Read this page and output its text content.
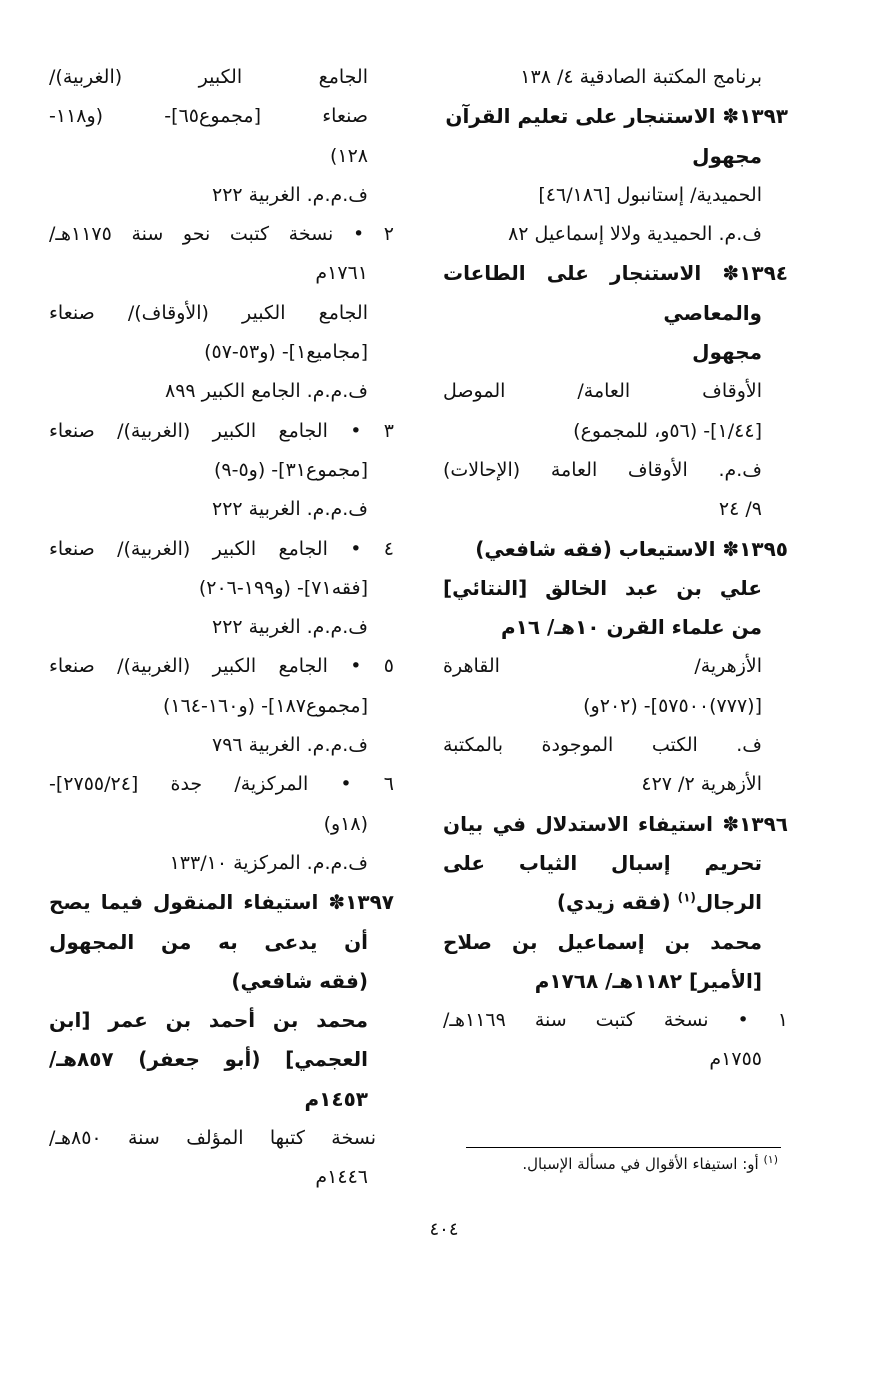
برنامج المكتبة الصادقية ٤/ ١٣٨
١٣٩٣✽ الاستنجار على تعليم القرآن
مجهول
الحميدية/ إستانبول [٤٦/١٨٦]
ف.م. الحميدية ولالا إسماعيل ٨٢
١٣٩٤✽ الاستنجار على الطاعات
والمعاصي
مجهول
الأوقاف العامة/ الموصل
[١/٤٤]- (٥٦و، للمجموع)
ف.م. الأوقاف العامة (الإحالات)
٩/ ٢٤
١٣٩٥✽ الاستيعاب (فقه شافعي)
علي بن عبد الخالق [النتائي]
من علماء القرن ١٠هـ/ ١٦م
الأزهرية/ القاهرة
[(٧٧٧)٥٧٥٠٠]- (٢٠٢و)
ف. الكتب الموجودة بالمكتبة
الأزهرية ٢/ ٤٢٧
١٣٩٦✽ استيفاء الاستدلال في بيان
تحريم إسبال الثياب على
الرجال$^{(١)}$ (فقه زيدي)
محمد بن إسماعيل بن صلاح
[الأمير] ١١٨٢هـ/ ١٧٦٨م
١ • نسخة كتبت سنة ١١٦٩هـ/
١٧٥٥م
الجامع الكبير (الغربية)/
صنعاء [مجموع٦٥]- (و١١٨-
١٢٨)
ف.م.م. الغربية ٢٢٢
٢ • نسخة كتبت نحو سنة ١١٧٥هـ/
١٧٦١م
الجامع الكبير (الأوقاف)/ صنعاء
[مجاميع١]- (و٥٣-٥٧)
ف.م.م. الجامع الكبير ٨٩٩
٣ • الجامع الكبير (الغربية)/ صنعاء
[مجموع٣١]- (و٥-٩)
ف.م.م. الغربية ٢٢٢
٤ • الجامع الكبير (الغربية)/ صنعاء
[فقه٧١]- (و١٩٩-٢٠٦)
ف.م.م. الغربية ٢٢٢
٥ • الجامع الكبير (الغربية)/ صنعاء
[مجموع١٨٧]- (و١٦٠-١٦٤)
ف.م.م. الغربية ٧٩٦
٦ • المركزية/ جدة [٢٧٥٥/٢٤]-
(١٨و)
ف.م.م. المركزية ١٣٣/١٠
١٣٩٧✽ استيفاء المنقول فيما يصح
أن يدعى به من المجهول
(فقه شافعي)
محمد بن أحمد بن عمر [ابن
العجمي] (أبو جعفر) ٨٥٧هـ/
١٤٥٣م
نسخة كتبها المؤلف سنة ٨٥٠هـ/
١٤٤٦م
$^{(١)}$ أو: استيفاء الأقوال في مسألة الإسبال.
٤٠٤
